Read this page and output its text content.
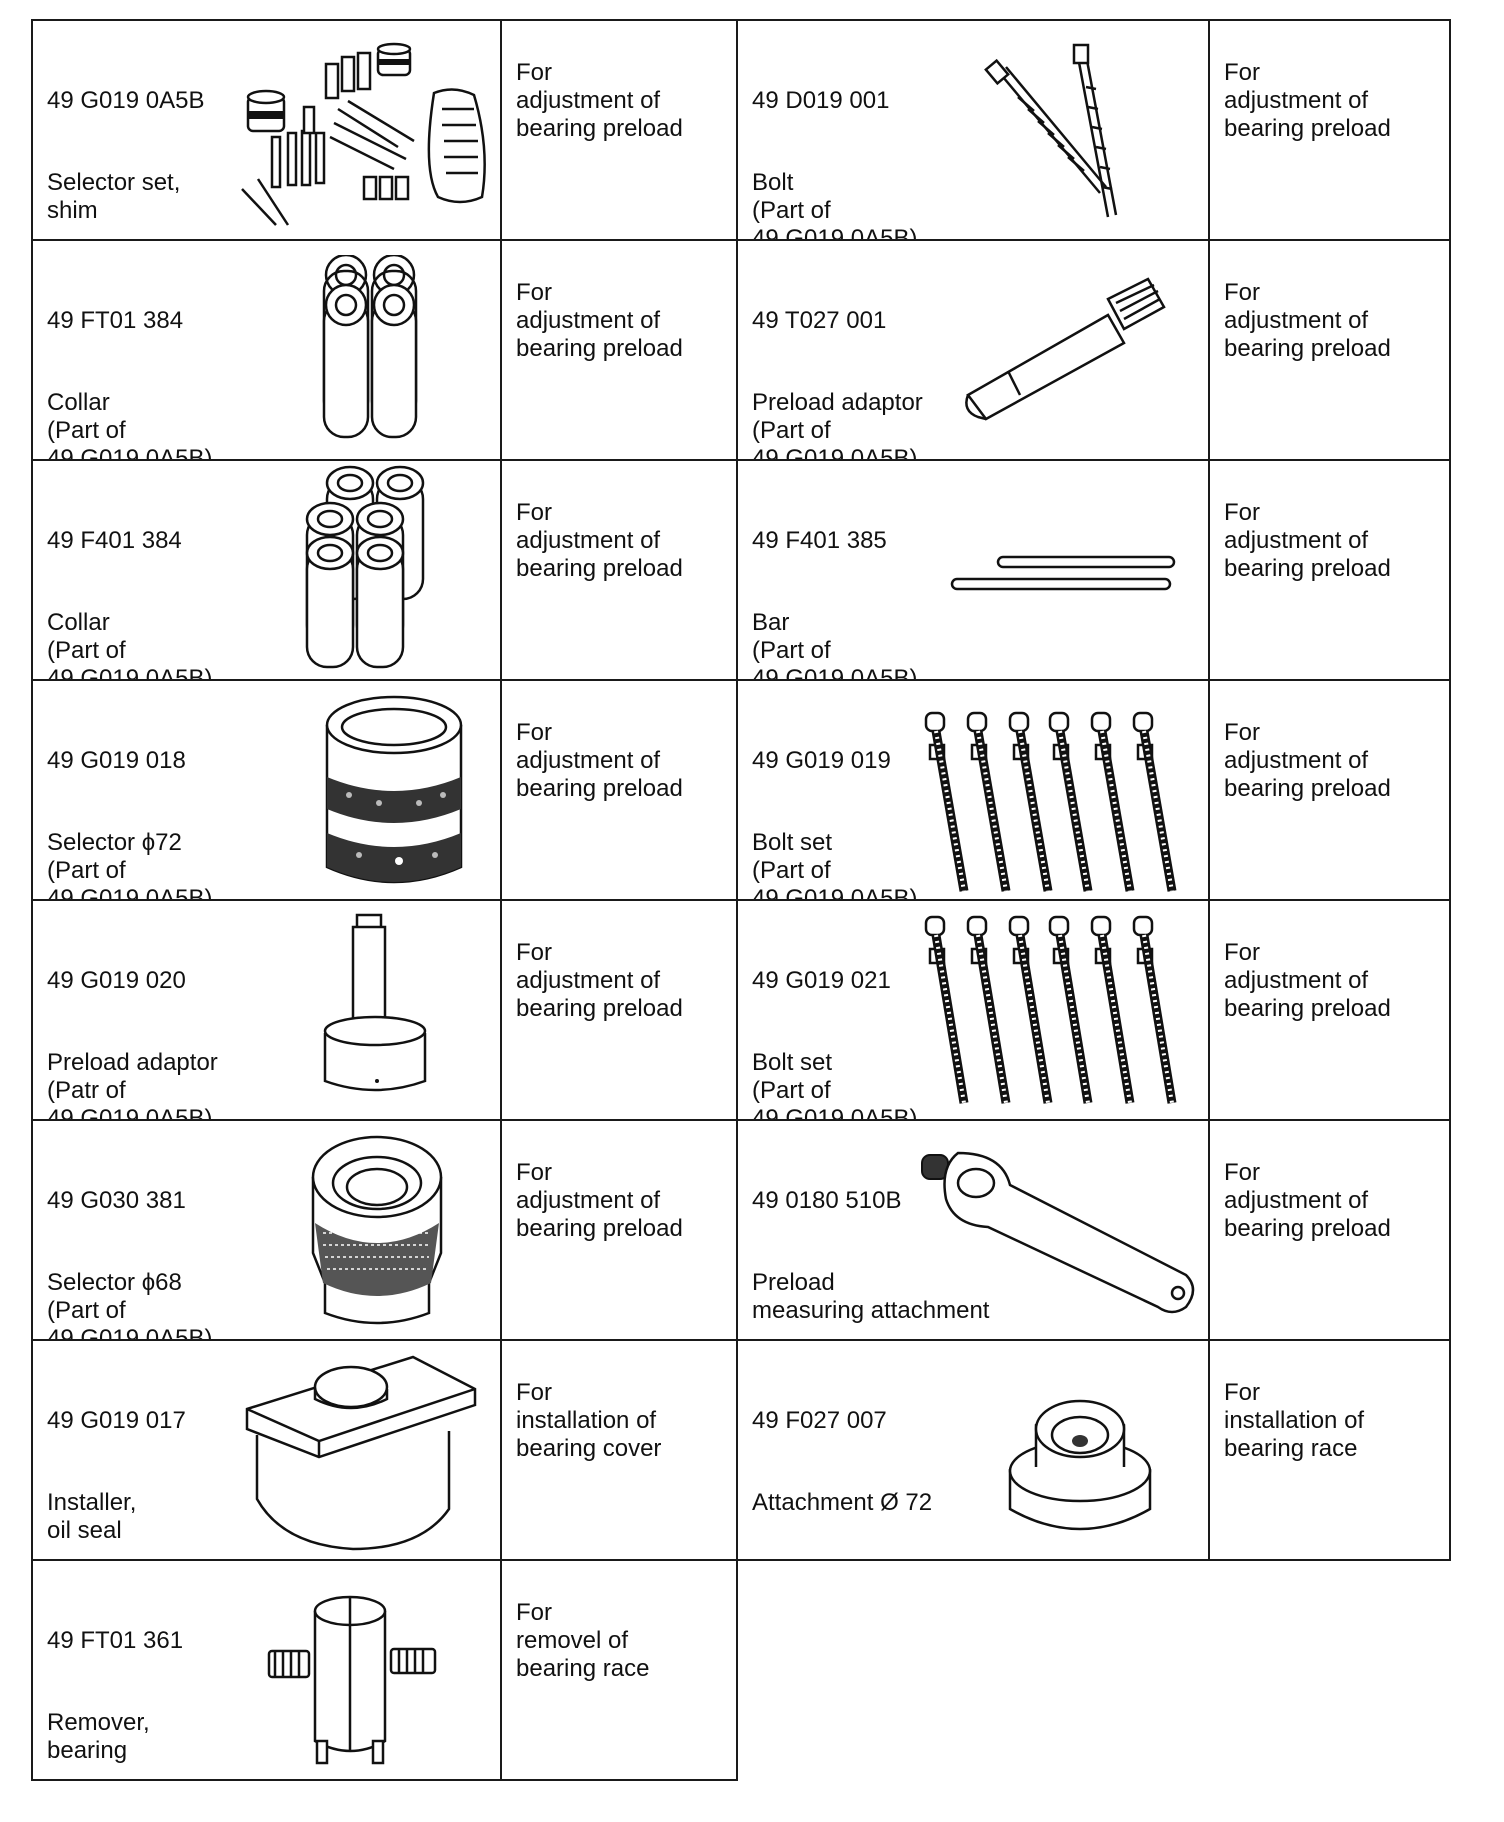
49 G019 0A5B

Selector set,
shim

For
adjustment of
bearing preload

49 D019 001

Bolt
(Part of

For
adjustment of
bearing preload

49 FT01 384

Collar
(Part of

For
adjustment of
bearing preload

49 T027 001

Preload adaptor
(Part of

For
adjustment of
bearing preload

49 F401 384

Collar
(Part of

For
adjustment of
bearing preload

49 F401 385

Bar
(Part of

For
adjustment of
bearing preload

49 G019 018

Selector ϕ72
(Part of

For
adjustment of
bearing preload

49 G019 019

Bolt set
(Part of

For
adjustment of
bearing preload

49 G019 020

Preload adaptor
(Patr of

For
adjustment of
bearing preload

49 G019 021

Bolt set
(Part of

For
adjustment of
bearing preload

49 G030 381

Selector ϕ68
(Part of

For
adjustment of
bearing preload

49 0180 510B

Preload
measuring attachment

For
adjustment of
bearing preload

49 G019 017

Installer,
oil seal

For
installation of
bearing cover

49 F027 007

Attachment Ø 72

For
installation of
bearing race

49 FT01 361

Remover,
bearing

For
removel of
bearing race
